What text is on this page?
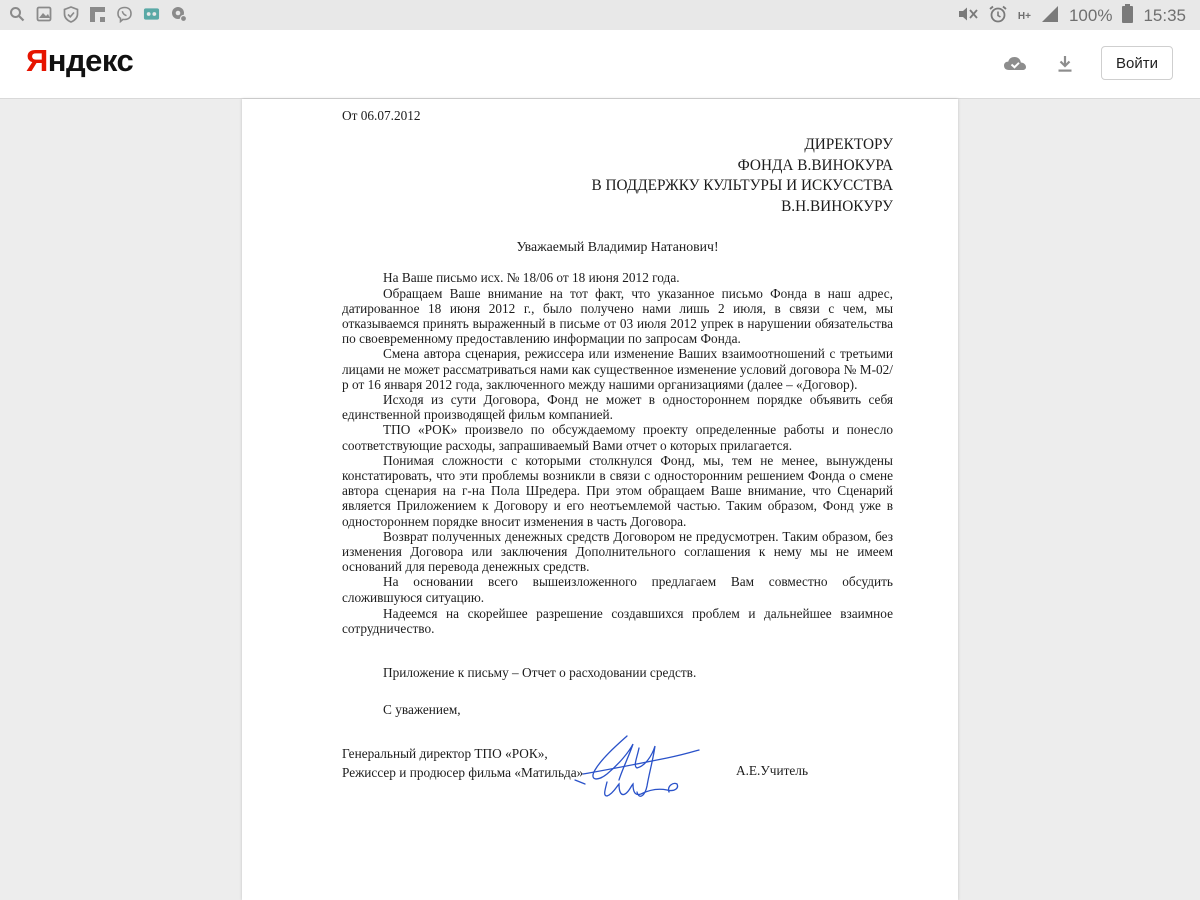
H+ 100% 15:35
Яндекс	Войти

От 06.07.2012

ДИРЕКТОРУ

ФОНДА В.ВИНОКУРА

В ПОДДЕРЖКУ КУЛЬТУРЫ И ИСКУССТВА

В.Н.ВИНОКУРУ

Уважаемый Владимир Натанович!

На Ваше письмо исх. № 18/06 от 18 июня 2012 года.

Обращаем Ваше внимание на тот факт, что указанное письмо Фонда в наш адрес, датированное 18 июня 2012 г., было получено нами лишь 2 июля, в связи с чем, мы отказываемся принять выраженный в письме от 03 июля 2012 упрек в нарушении обязательства по своевременному предоставлению информации по запросам Фонда.

Смена автора сценария, режиссера или изменение Ваших взаимоотношений с третьими лицами не может рассматриваться нами как существенное изменение условий договора № М-02/р от 16 января 2012 года, заключенного между нашими организациями (далее – «Договор).

Исходя из сути Договора, Фонд не может в одностороннем порядке объявить себя единственной производящей фильм компанией.

ТПО «РОК» произвело по обсуждаемому проекту определенные работы и понесло соответствующие расходы, запрашиваемый Вами отчет о которых прилагается.

Понимая сложности с которыми столкнулся Фонд, мы, тем не менее, вынуждены констатировать, что эти проблемы возникли в связи с односторонним решением Фонда о смене автора сценария на г-на Пола Шредера. При этом обращаем Ваше внимание, что Сценарий является Приложением к Договору и его неотъемлемой частью. Таким образом, Фонд уже в одностороннем порядке вносит изменения в часть Договора.

Возврат полученных денежных средств Договором не предусмотрен. Таким образом, без изменения Договора или заключения Дополнительного соглашения к нему мы не имеем оснований для перевода денежных средств.

На основании всего вышеизложенного предлагаем Вам совместно обсудить сложившуюся ситуацию.

Надеемся на скорейшее разрешение создавшихся проблем и дальнейшее взаимное сотрудничество.

Приложение к письму – Отчет о расходовании средств.

С уважением,

Генеральный директор ТПО «РОК»,

Режиссер и продюсер фильма «Матильда»	А.Е.Учитель
